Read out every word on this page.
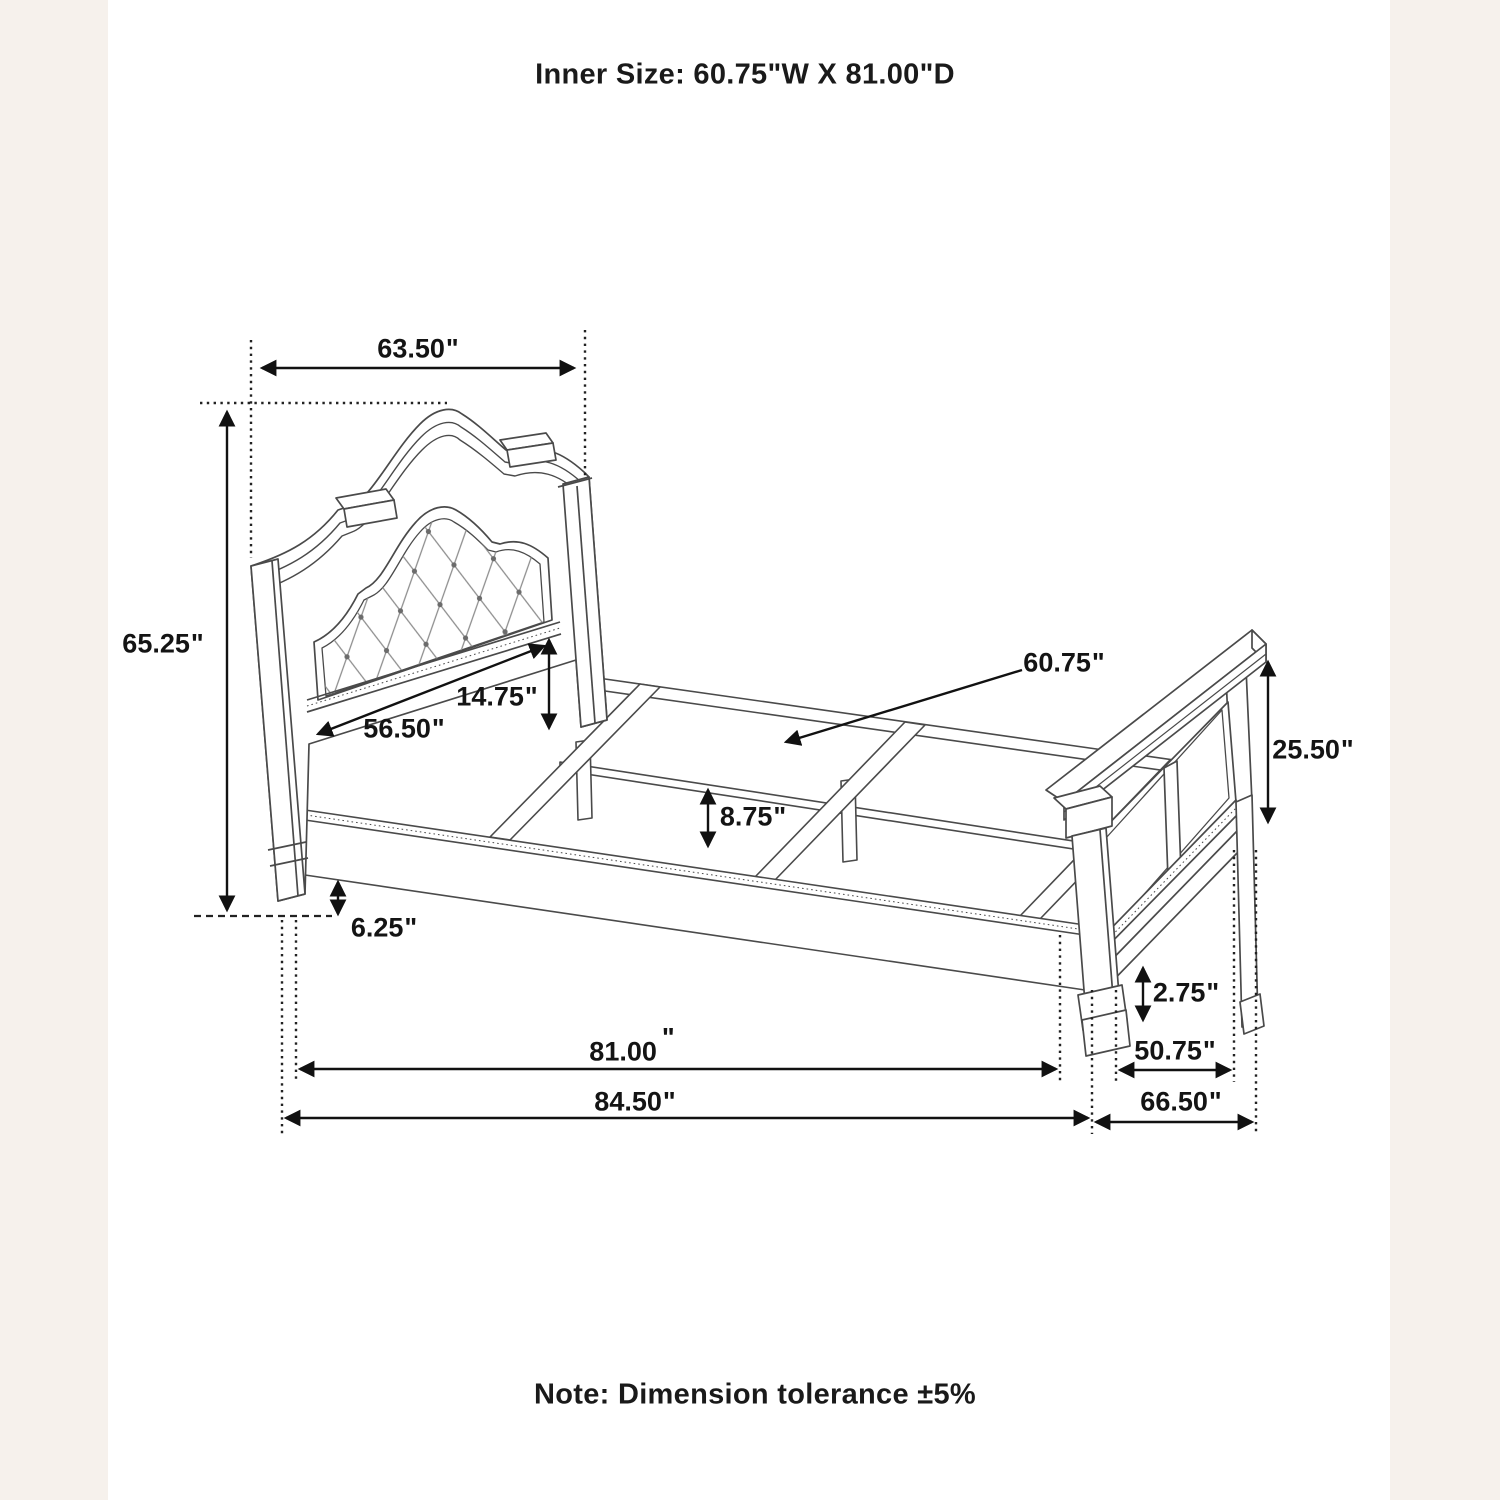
Inner Size: 60.75"W X 81.00"D
63.50"
65.25"
56.50"
14.75"
6.25"
8.75"
60.75"
25.50"
2.75"
81.00 "
84.50"
50.75"
66.50"
Note: Dimension tolerance ±5%
